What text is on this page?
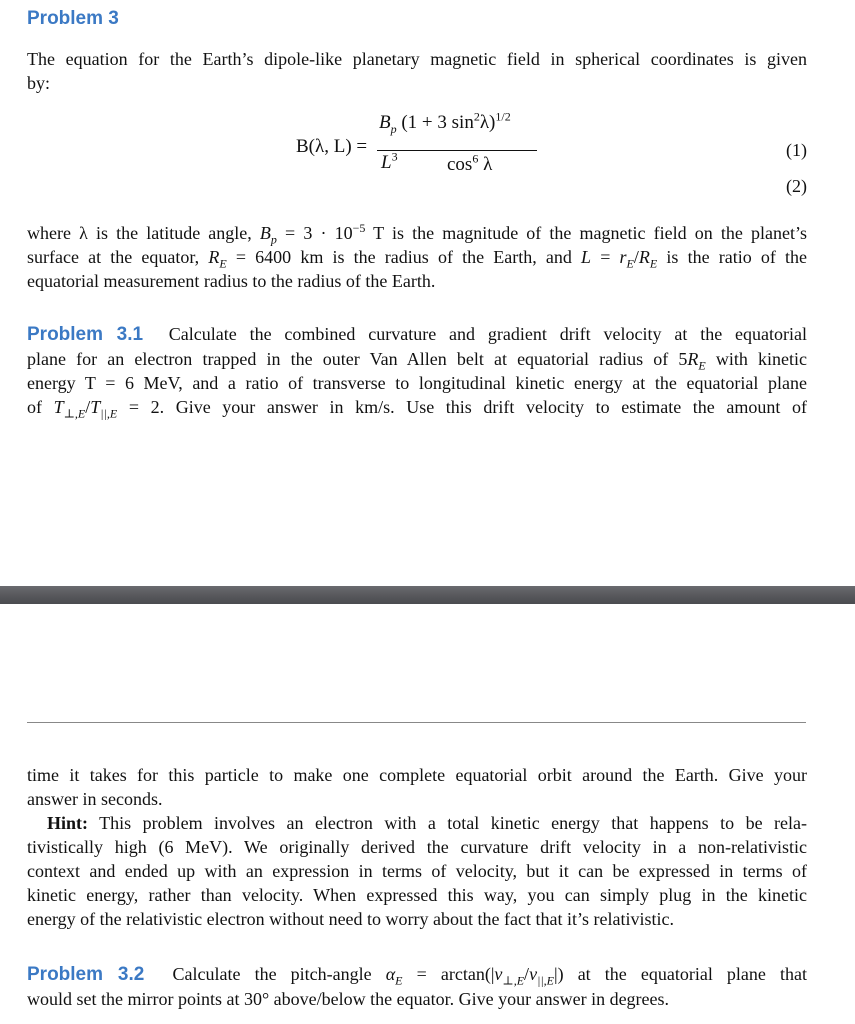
Problem 3
The equation for the Earth’s dipole-like planetary magnetic field in spherical coordinates is given
by:
B(λ, L) =
$B_p$ (1 + 3 $\sin^2\lambda)^{1/2}$
$L^3$	$\cos^6 \lambda$
(1)
(2)
where λ is the latitude angle, $B_p = 3 \cdot 10^{-5}$ T is the magnitude of the magnetic field on the planet’s
surface at the equator, $R_E = 6400$ km is the radius of the Earth, and $L = r_E/R_E$ is the ratio of the
equatorial measurement radius to the radius of the Earth.
Problem 3.1  Calculate the combined curvature and gradient drift velocity at the equatorial
plane for an electron trapped in the outer Van Allen belt at equatorial radius of $5R_E$ with kinetic
energy T = 6 MeV, and a ratio of transverse to longitudinal kinetic energy at the equatorial plane
of $T_{\perp,E}/T_{||,E} = 2$. Give your answer in km/s. Use this drift velocity to estimate the amount of
time it takes for this particle to make one complete equatorial orbit around the Earth. Give your
answer in seconds.
Hint: This problem involves an electron with a total kinetic energy that happens to be rela-
tivistically high (6 MeV). We originally derived the curvature drift velocity in a non-relativistic
context and ended up with an expression in terms of velocity, but it can be expressed in terms of
kinetic energy, rather than velocity. When expressed this way, you can simply plug in the kinetic
energy of the relativistic electron without need to worry about the fact that it’s relativistic.
Problem 3.2  Calculate the pitch-angle $\alpha_E = \arctan(|v_{\perp,E}/v_{||,E}|)$ at the equatorial plane that
would set the mirror points at 30° above/below the equator. Give your answer in degrees.
